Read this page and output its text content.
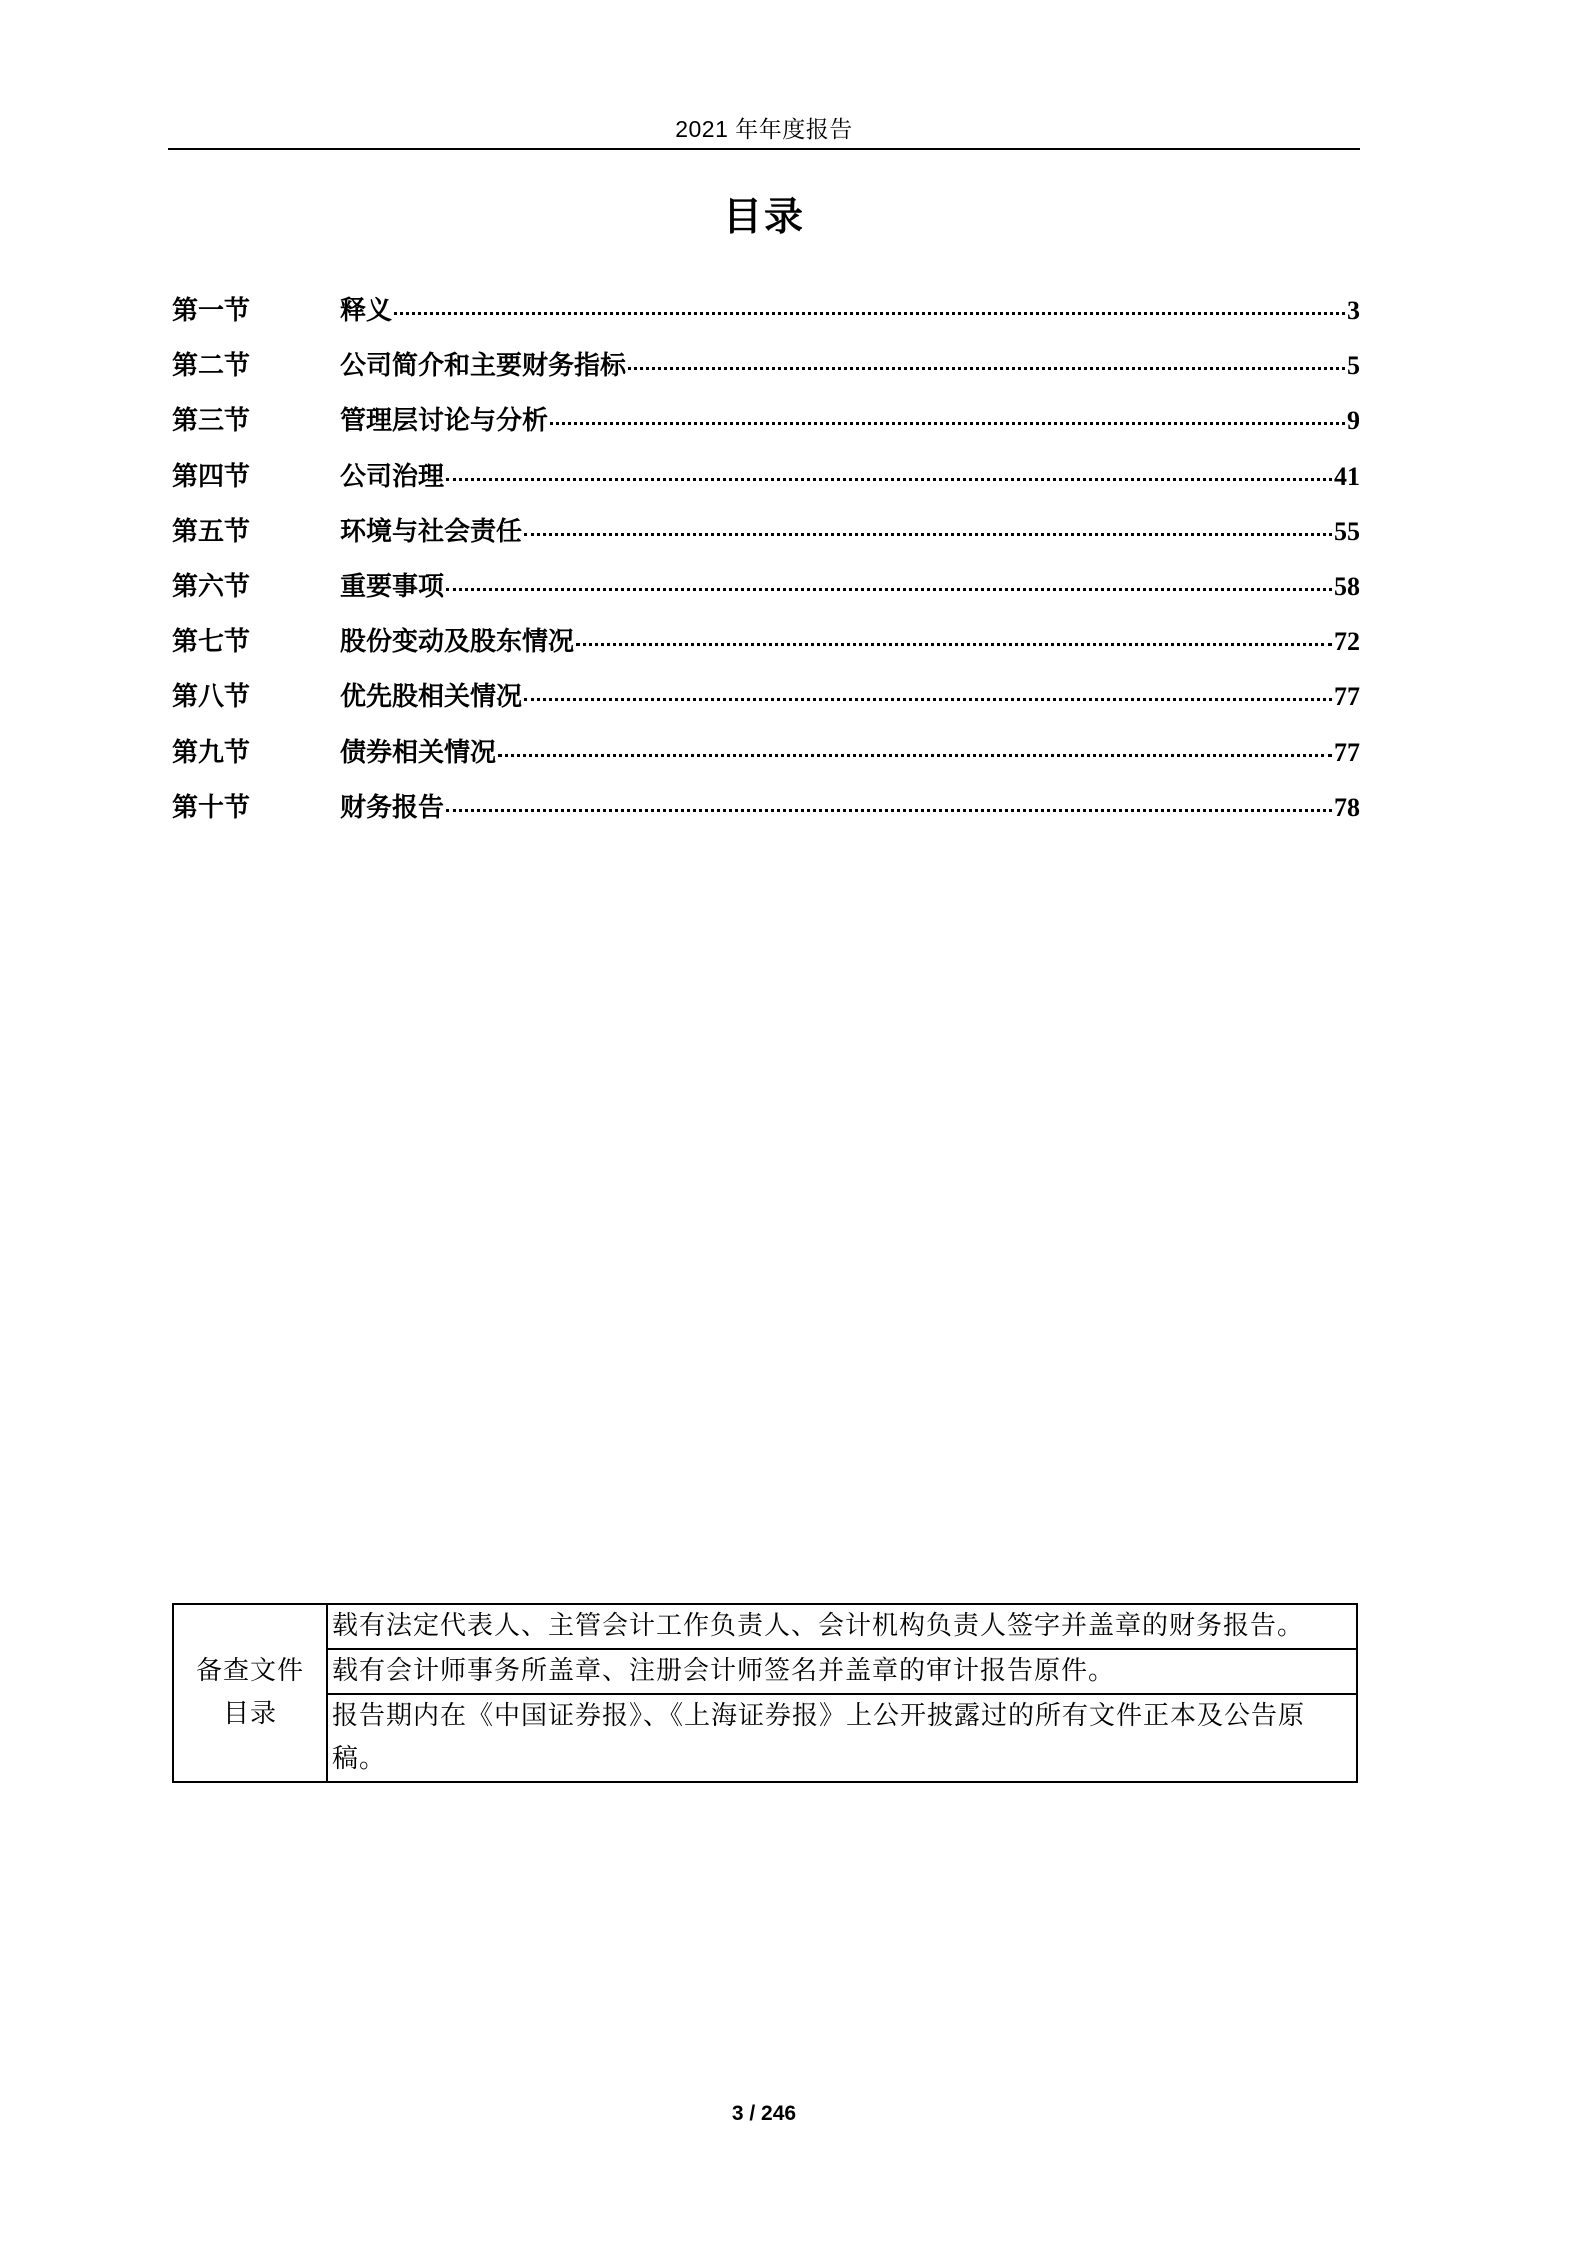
2021 年年度报告
目录
第一节	释义	3
第二节	公司简介和主要财务指标	5
第三节	管理层讨论与分析	9
第四节	公司治理	41
第五节	环境与社会责任	55
第六节	重要事项	58
第七节	股份变动及股东情况	72
第八节	优先股相关情况	77
第九节	债券相关情况	77
第十节	财务报告	78
备查文件
目录
	载有法定代表人、主管会计工作负责人、会计机构负责人签字并盖章的财务报告。
载有会计师事务所盖章、注册会计师签名并盖章的审计报告原件。
报告期内在《中国证券报》、《上海证券报》上公开披露过的所有文件正本及公告原稿。
3 / 246
